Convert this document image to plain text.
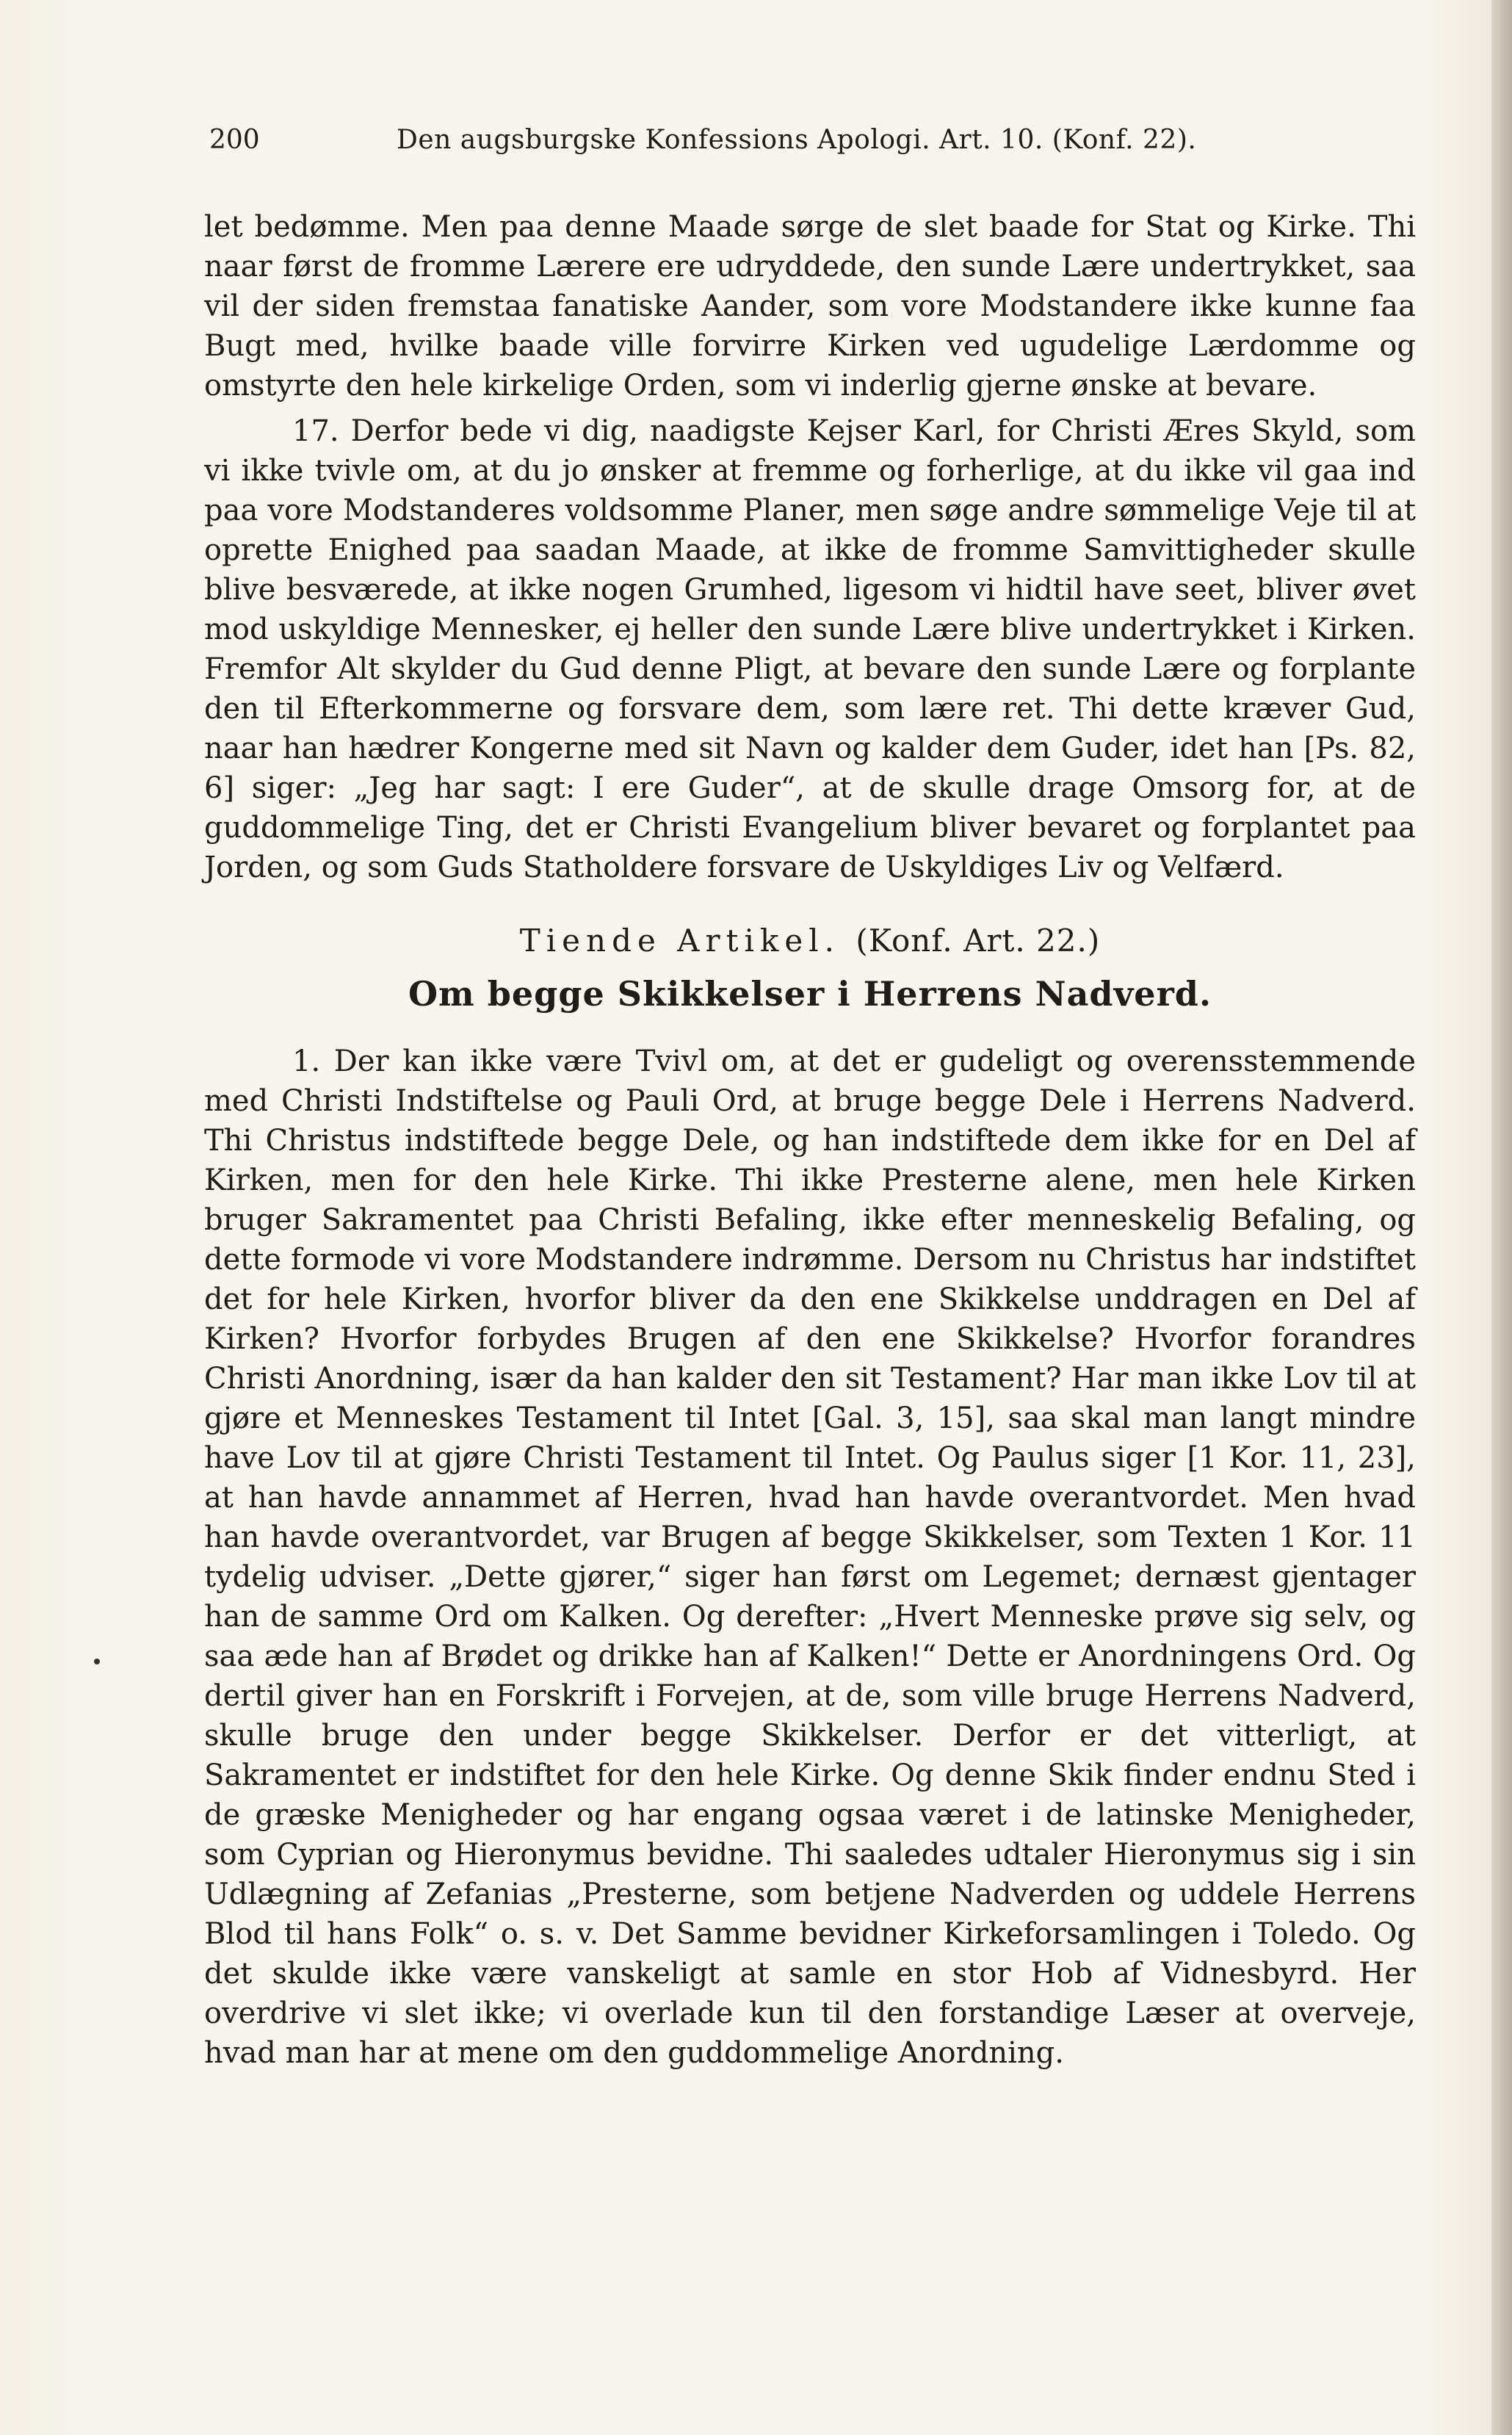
200	Den augsburgske Konfessions Apologi. Art. 10. (Konf. 22).

let bedømme. Men paa denne Maade sørge de slet baade for Stat og Kirke. Thi naar først de fromme Lærere ere udryddede, den sunde Lære undertrykket, saa vil der siden fremstaa fanatiske Aander, som vore Modstandere ikke kunne faa Bugt med, hvilke baade ville forvirre Kirken ved ugudelige Lærdomme og omstyrte den hele kirkelige Orden, som vi inderlig gjerne ønske at bevare.

17. Derfor bede vi dig, naadigste Kejser Karl, for Christi Æres Skyld, som vi ikke tvivle om, at du jo ønsker at fremme og forherlige, at du ikke vil gaa ind paa vore Modstanderes voldsomme Planer, men søge andre sømmelige Veje til at oprette Enighed paa saadan Maade, at ikke de fromme Samvittigheder skulle blive besværede, at ikke nogen Grumhed, ligesom vi hidtil have seet, bliver øvet mod uskyldige Mennesker, ej heller den sunde Lære blive undertrykket i Kirken. Fremfor Alt skylder du Gud denne Pligt, at bevare den sunde Lære og forplante den til Efterkommerne og forsvare dem, som lære ret. Thi dette kræver Gud, naar han hædrer Kongerne med sit Navn og kalder dem Guder, idet han [Ps. 82, 6] siger: „Jeg har sagt: I ere Guder“, at de skulle drage Omsorg for, at de guddommelige Ting, det er Christi Evangelium bliver bevaret og forplantet paa Jorden, og som Guds Statholdere forsvare de Uskyldiges Liv og Velfærd.

Tiende Artikel. (Konf. Art. 22.)
Om begge Skikkelser i Herrens Nadverd.

1. Der kan ikke være Tvivl om, at det er gudeligt og overensstemmende med Christi Indstiftelse og Pauli Ord, at bruge begge Dele i Herrens Nadverd. Thi Christus indstiftede begge Dele, og han indstiftede dem ikke for en Del af Kirken, men for den hele Kirke. Thi ikke Presterne alene, men hele Kirken bruger Sakramentet paa Christi Befaling, ikke efter menneskelig Befaling, og dette formode vi vore Modstandere indrømme. Dersom nu Christus har indstiftet det for hele Kirken, hvorfor bliver da den ene Skikkelse unddragen en Del af Kirken? Hvorfor forbydes Brugen af den ene Skikkelse? Hvorfor forandres Christi Anordning, især da han kalder den sit Testament? Har man ikke Lov til at gjøre et Menneskes Testament til Intet [Gal. 3, 15], saa skal man langt mindre have Lov til at gjøre Christi Testament til Intet. Og Paulus siger [1 Kor. 11, 23], at han havde annammet af Herren, hvad han havde overantvordet. Men hvad han havde overantvordet, var Brugen af begge Skikkelser, som Texten 1 Kor. 11 tydelig udviser. „Dette gjører,“ siger han først om Legemet; dernæst gjentager han de samme Ord om Kalken. Og derefter: „Hvert Menneske prøve sig selv, og saa æde han af Brødet og drikke han af Kalken!“ Dette er Anordningens Ord. Og dertil giver han en Forskrift i Forvejen, at de, som ville bruge Herrens Nadverd, skulle bruge den under begge Skikkelser. Derfor er det vitterligt, at Sakramentet er indstiftet for den hele Kirke. Og denne Skik finder endnu Sted i de græske Menigheder og har engang ogsaa været i de latinske Menigheder, som Cyprian og Hieronymus bevidne. Thi saaledes udtaler Hieronymus sig i sin Udlægning af Zefanias „Presterne, som betjene Nadverden og uddele Herrens Blod til hans Folk“ o. s. v. Det Samme bevidner Kirkeforsamlingen i Toledo. Og det skulde ikke være vanskeligt at samle en stor Hob af Vidnesbyrd. Her overdrive vi slet ikke; vi overlade kun til den forstandige Læser at overveje, hvad man har at mene om den guddommelige Anordning.
